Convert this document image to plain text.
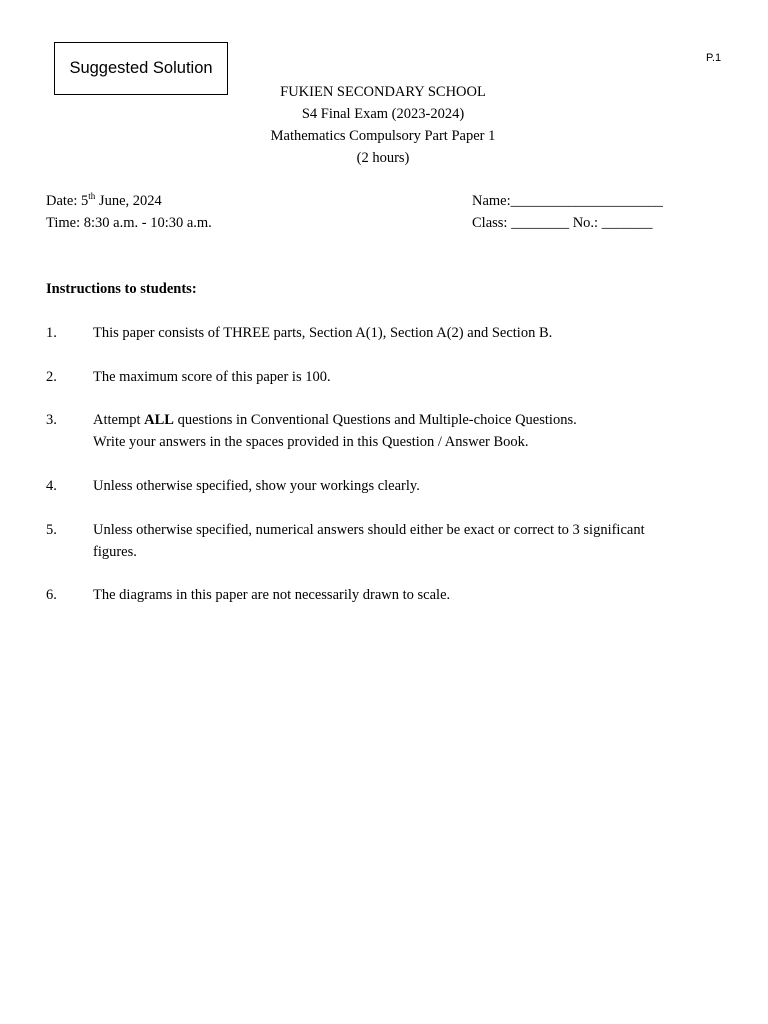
Suggested Solution
P.1
FUKIEN SECONDARY SCHOOL
S4 Final Exam (2023-2024)
Mathematics Compulsory Part Paper 1
(2 hours)
Date: 5th June, 2024
Time: 8:30 a.m. - 10:30 a.m.
Name:_____________________
Class: ________ No.: _______
Instructions to students:
1. This paper consists of THREE parts, Section A(1), Section A(2) and Section B.
2. The maximum score of this paper is 100.
3. Attempt ALL questions in Conventional Questions and Multiple-choice Questions.
Write your answers in the spaces provided in this Question / Answer Book.
4. Unless otherwise specified, show your workings clearly.
5. Unless otherwise specified, numerical answers should either be exact or correct to 3 significant
figures.
6. The diagrams in this paper are not necessarily drawn to scale.
